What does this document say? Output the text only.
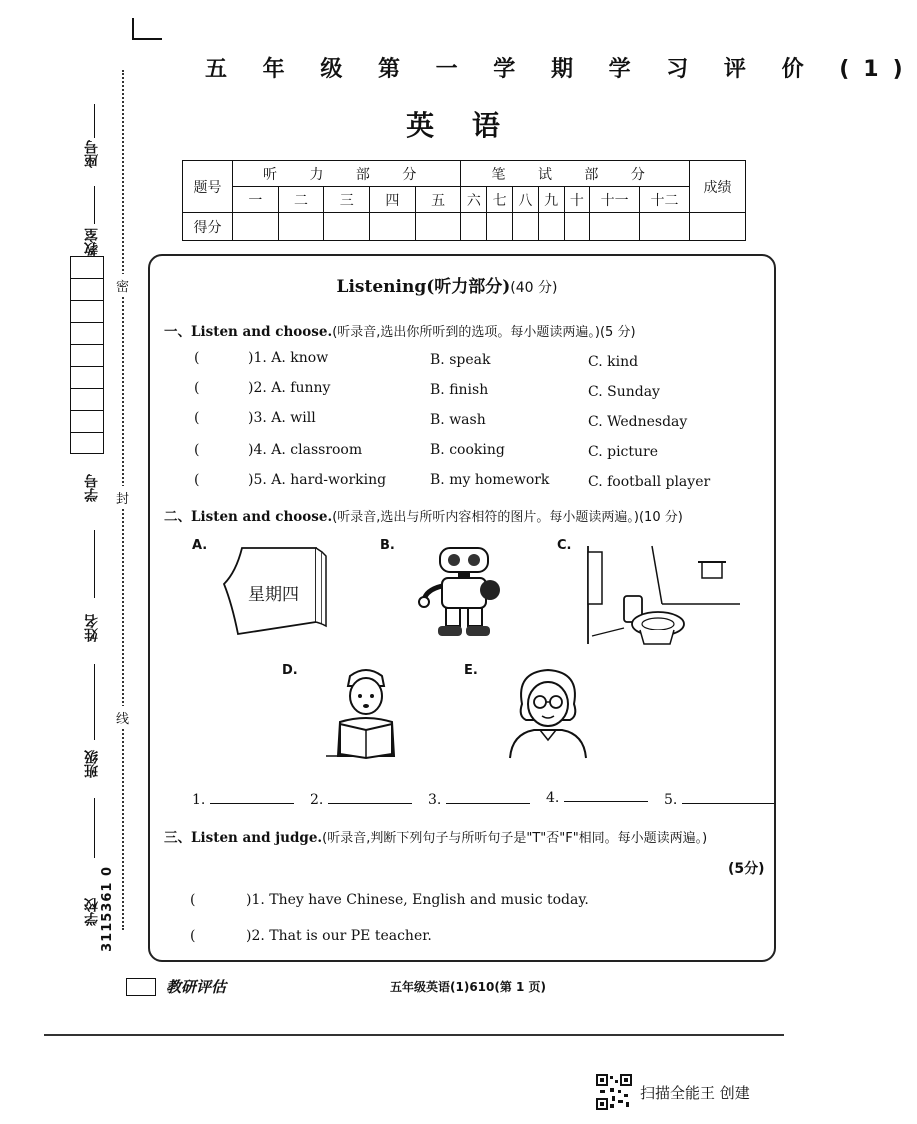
座号
教室
密
学号	封
姓名
线
班级
学校 3115361 0
五 年 级 第 一 学 期 学 习 评 价 (1)
英 语
题号	听 力 部 分					笔 试 部 分							成绩
	一	二	三	四	五	六	七	八	九	十	十一	十二	
得分													
Listening(听力部分)(40 分)
一、Listen and choose.(听录音,选出你所听到的选项。每小题读两遍。)(5 分)
(	)1. A. know	B. speak	C. kind
(	)2. A. funny	B. finish	C. Sunday
(	)3. A. will	B. wash	C. Wednesday
(	)4. A. classroom	B. cooking	C. picture
(	)5. A. hard-working	B. my homework	C. football player
二、Listen and choose.(听录音,选出与所听内容相符的图片。每小题读两遍。)(10 分)
A.	B.	C.
D.	E.
星期四
1.	2.	3.	4.	5.
三、Listen and judge.(听录音,判断下列句子与所听句子是"T"否"F"相同。每小题读两遍。)
(5分)
(	)1. They have Chinese, English and music today.
(	)2. That is our PE teacher.
教研评估	五年级英语(1)610(第 1 页)
扫描全能王 创建
